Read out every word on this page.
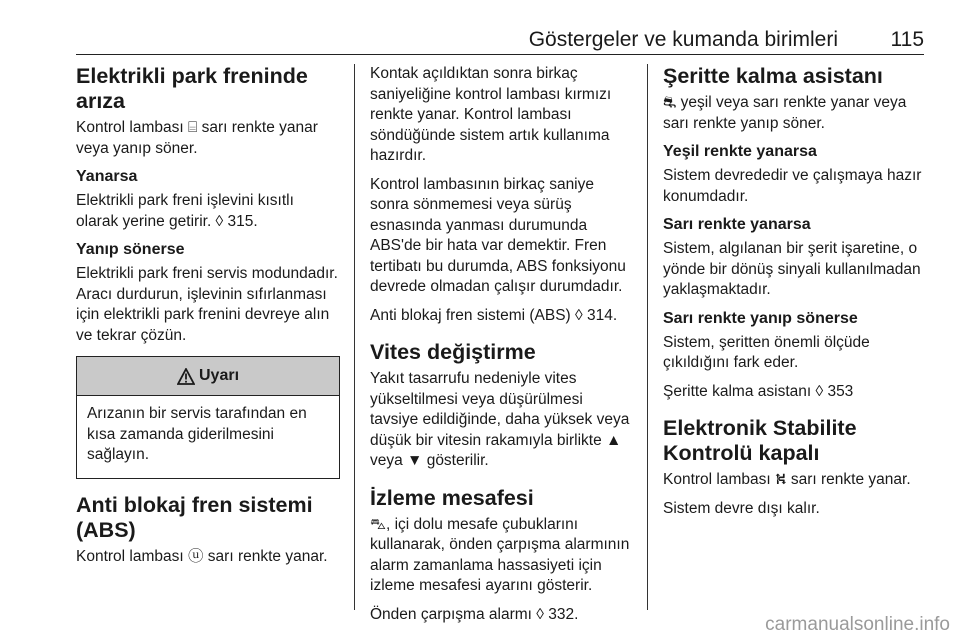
Göstergeler ve kumanda birimleri	115
Elektrikli park freninde arıza

Kontrol lambası ⌸ sarı renkte yanar veya yanıp söner.

Yanarsa

Elektrikli park freni işlevini kısıtlı olarak yerine getirir. ◊ 315.

Yanıp sönerse

Elektrikli park freni servis modundadır. Aracı durdurun, işlevinin sıfırlanması için elektrikli park frenini devreye alın ve tekrar çözün.

Uyarı

Arızanın bir servis tarafından en kısa zamanda giderilmesini sağlayın.

Anti blokaj fren sistemi (ABS)

Kontrol lambası ⓤ sarı renkte yanar.

Kontak açıldıktan sonra birkaç saniyeliğine kontrol lambası kırmızı renkte yanar. Kontrol lambası söndüğünde sistem artık kullanıma hazırdır.

Kontrol lambasının birkaç saniye sonra sönmemesi veya sürüş esnasında yanması durumunda ABS'de bir hata var demektir. Fren tertibatı bu durumda, ABS fonksiyonu devrede olmadan çalışır durumdadır.

Anti blokaj fren sistemi (ABS) ◊ 314.

Vites değiştirme

Yakıt tasarrufu nedeniyle vites yükseltilmesi veya düşürülmesi tavsiye edildiğinde, daha yüksek veya düşük bir vitesin rakamıyla birlikte ▲ veya ▼ gösterilir.

İzleme mesafesi

⛍, içi dolu mesafe çubuklarını kullanarak, önden çarpışma alarmının alarm zamanlama hassasiyeti için izleme mesafesi ayarını gösterir.

Önden çarpışma alarmı ◊ 332.

Şeritte kalma asistanı

⛐ yeşil veya sarı renkte yanar veya sarı renkte yanıp söner.

Yeşil renkte yanarsa

Sistem devrededir ve çalışmaya hazır konumdadır.

Sarı renkte yanarsa

Sistem, algılanan bir şerit işaretine, o yönde bir dönüş sinyali kullanılmadan yaklaşmaktadır.

Sarı renkte yanıp sönerse

Sistem, şeritten önemli ölçüde çıkıldığını fark eder.

Şeritte kalma asistanı ◊ 353

Elektronik Stabilite Kontrolü kapalı

Kontrol lambası ⛕ sarı renkte yanar.

Sistem devre dışı kalır.

carmanualsonline.info
